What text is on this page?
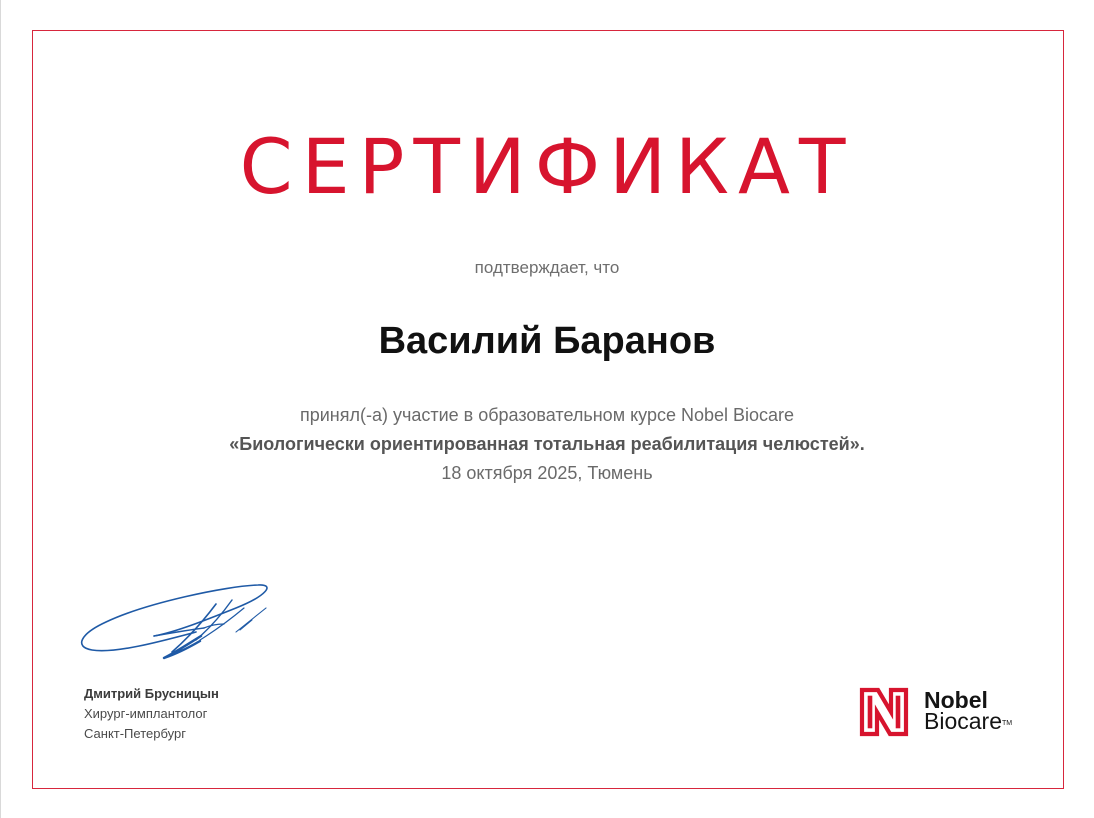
СЕРТИФИКАТ
подтверждает, что
Василий Баранов
принял(-а) участие в образовательном курсе Nobel Biocare
«Биологически ориентированная тотальная реабилитация челюстей».
18 октября 2025, Тюмень
Дмитрий Брусницын
Хирург-имплантолог
Санкт-Петербург
Nobel
Biocare™
